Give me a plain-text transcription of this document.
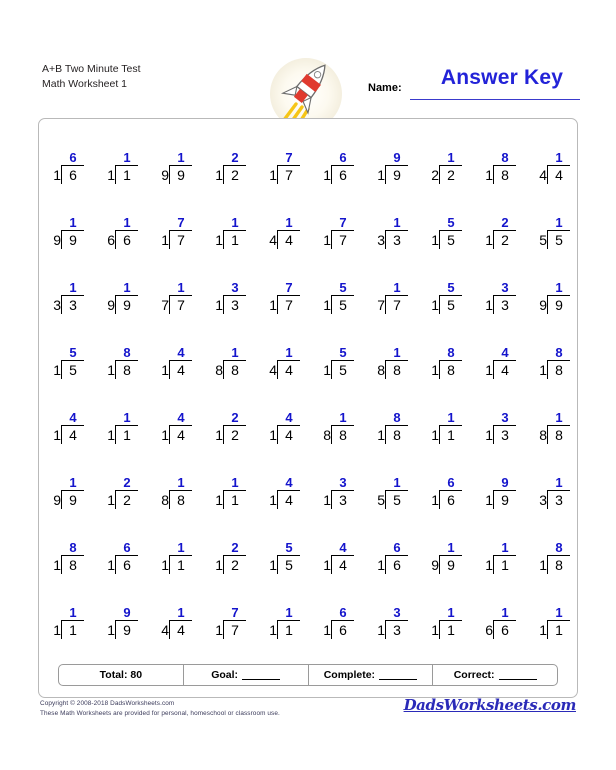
A+B Two Minute Test
Math Worksheet 1	Name:	Answer Key
6
1 6
1
1 1
1
9 9
2
1 2
7
1 7
6
1 6
9
1 9
1
2 2
8
1 8
1
4 4
1
9 9
1
6 6
7
1 7
1
1 1
1
4 4
7
1 7
1
3 3
5
1 5
2
1 2
1
5 5
1
3 3
1
9 9
1
7 7
3
1 3
7
1 7
5
1 5
1
7 7
5
1 5
3
1 3
1
9 9
5
1 5
8
1 8
4
1 4
1
8 8
1
4 4
5
1 5
1
8 8
8
1 8
4
1 4
8
1 8
4
1 4
1
1 1
4
1 4
2
1 2
4
1 4
1
8 8
8
1 8
1
1 1
3
1 3
1
8 8
1
9 9
2
1 2
1
8 8
1
1 1
4
1 4
3
1 3
1
5 5
6
1 6
9
1 9
1
3 3
8
1 8
6
1 6
1
1 1
2
1 2
5
1 5
4
1 4
6
1 6
1
9 9
1
1 1
8
1 8
1
1 1
9
1 9
1
4 4
7
1 7
1
1 1
6
1 6
3
1 3
1
1 1
1
6 6
1
1 1
Total: 80	Goal:	Complete:	Correct:
Copyright © 2008-2018 DadsWorksheets.com
These Math Worksheets are provided for personal, homeschool or classroom use.	DadsWorksheets.com
